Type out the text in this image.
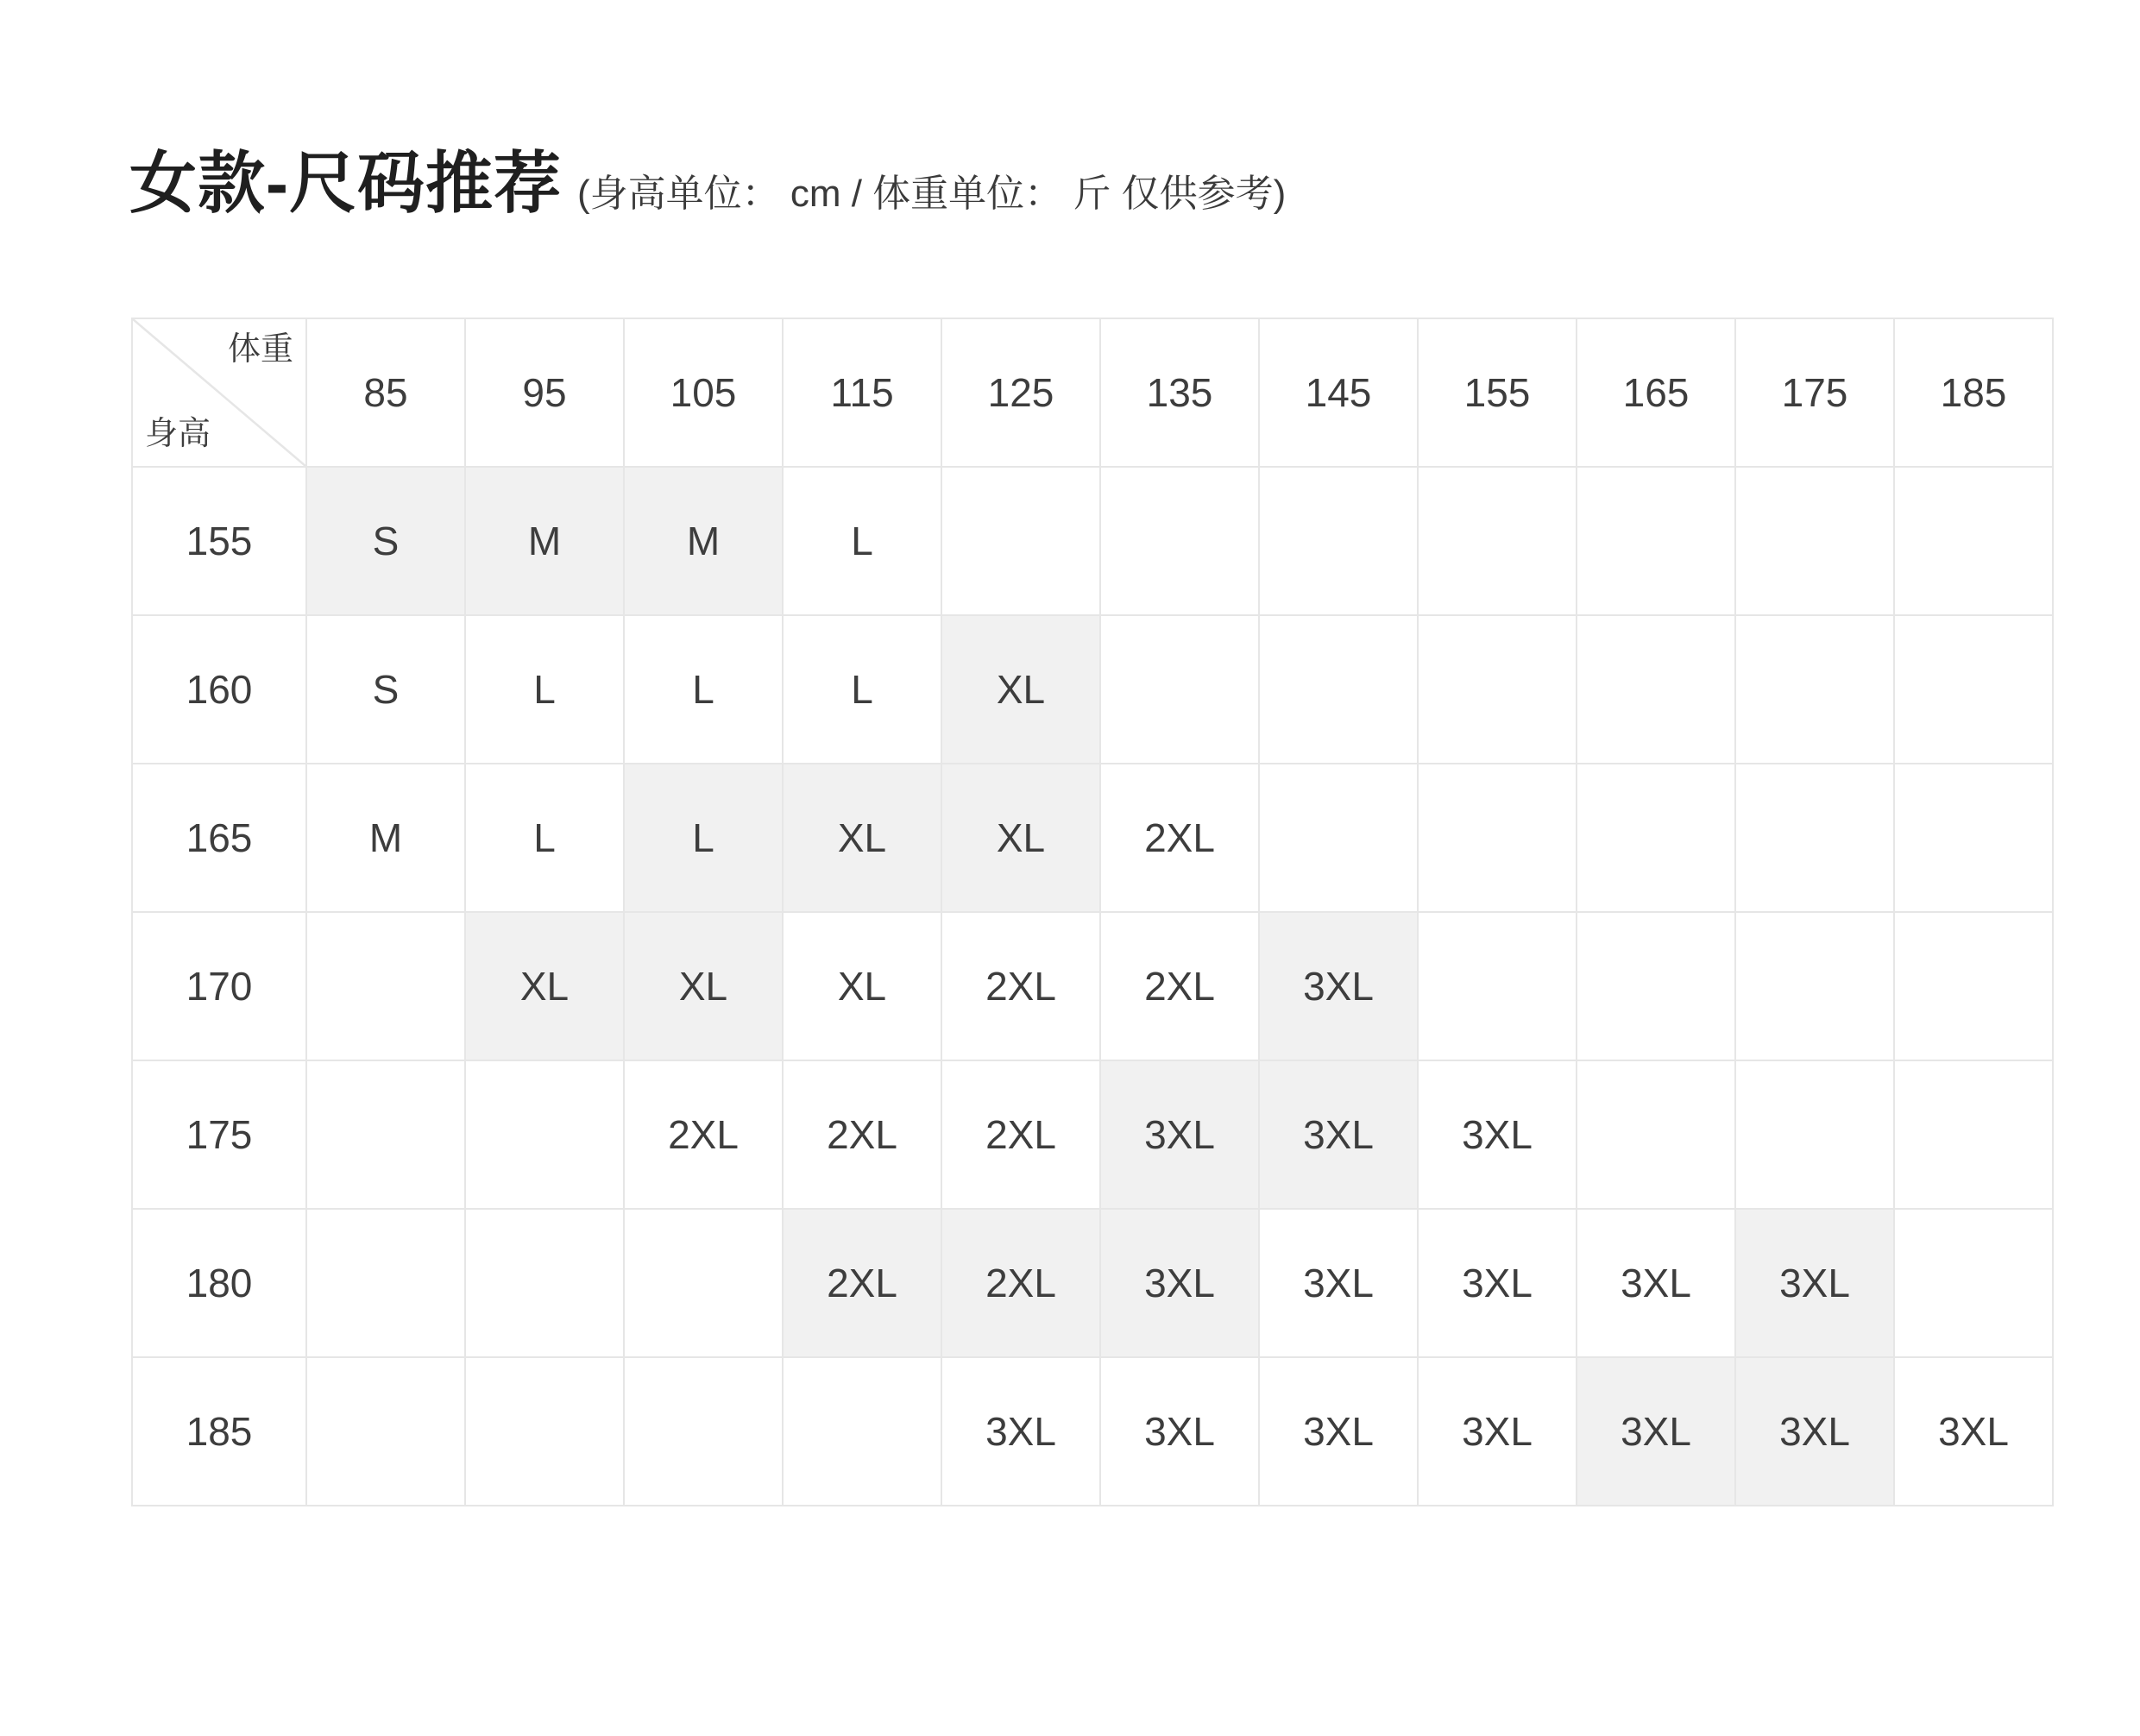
女款-尺码推荐 (身高单位： cm / 体重单位： 斤 仅供参考)
体重
身高	85	95	105	115	125	135	145	155	165	175	185
155	S	M	M	L							
160	S	L	L	L	XL						
165	M	L	L	XL	XL	2XL					
170		XL	XL	XL	2XL	2XL	3XL				
175			2XL	2XL	2XL	3XL	3XL	3XL			
180				2XL	2XL	3XL	3XL	3XL	3XL	3XL	
185					3XL	3XL	3XL	3XL	3XL	3XL	3XL
